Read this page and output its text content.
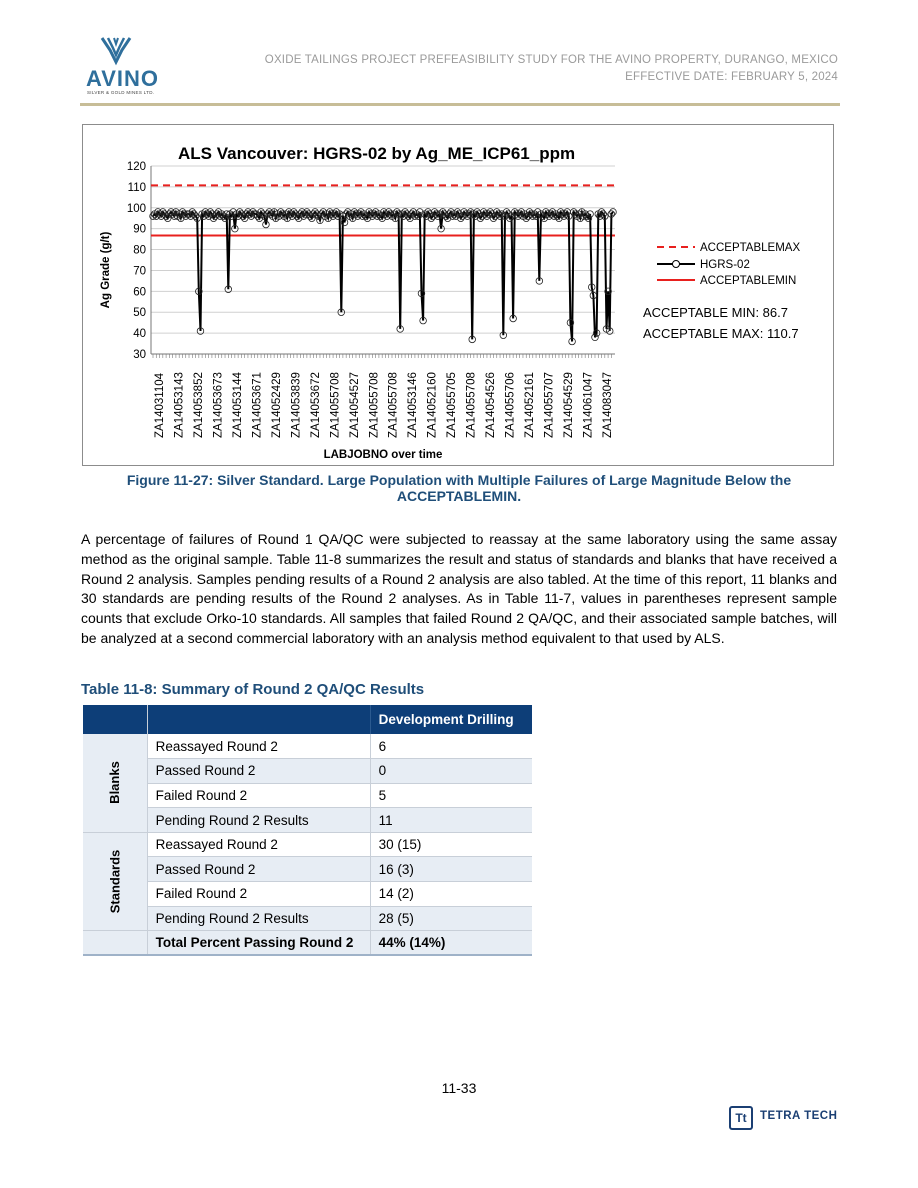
AVINO
SILVER & GOLD MINES LTD.
OXIDE TAILINGS PROJECT PREFEASIBILITY STUDY FOR THE AVINO PROPERTY, DURANGO, MEXICO
EFFECTIVE DATE: FEBRUARY 5, 2024
ALS Vancouver: HGRS-02 by Ag_ME_ICP61_ppm
Ag Grade (g/t)
LABJOBNO over time
30
40
50
60
70
80
90
100
110
120
ZA14031104 ZA14053143 ZA14053852 ZA14053673 ZA14053144 ZA14053671 ZA14052429 ZA14053839 ZA14053672 ZA14055708 ZA14054527 ZA14055708 ZA14055708 ZA14053146 ZA14052160 ZA14055705 ZA14055708 ZA14054526 ZA14055706 ZA14052161 ZA14055707 ZA14054529 ZA14061047 ZA14083047
ACCEPTABLEMAX
HGRS-02
ACCEPTABLEMIN
ACCEPTABLE MIN: 86.7
ACCEPTABLE MAX: 110.7
Figure 11-27: Silver Standard. Large Population with Multiple Failures of Large Magnitude Below the ACCEPTABLEMIN.
A percentage of failures of Round 1 QA/QC were subjected to reassay at the same laboratory using the same assay method as the original sample. Table 11-8 summarizes the result and status of standards and blanks that have received a Round 2 analysis. Samples pending results of a Round 2 analysis are also tabled. At the time of this report, 11 blanks and 30 standards are pending results of the Round 2 analyses. As in Table 11-7, values in parentheses represent sample counts that exclude Orko-10 standards. All samples that failed Round 2 QA/QC, and their associated sample batches, will be analyzed at a second commercial laboratory with an analysis method equivalent to that used by ALS.
Table 11-8: Summary of Round 2 QA/QC Results
		Development Drilling
Blanks	Reassayed Round 2	6
	Passed Round 2	0
	Failed Round 2	5
	Pending Round 2 Results	11
Standards	Reassayed Round 2	30 (15)
	Passed Round 2	16 (3)
	Failed Round 2	14 (2)
	Pending Round 2 Results	28 (5)
	Total Percent Passing Round 2	44% (14%)
11-33
Tt	TETRA TECH
